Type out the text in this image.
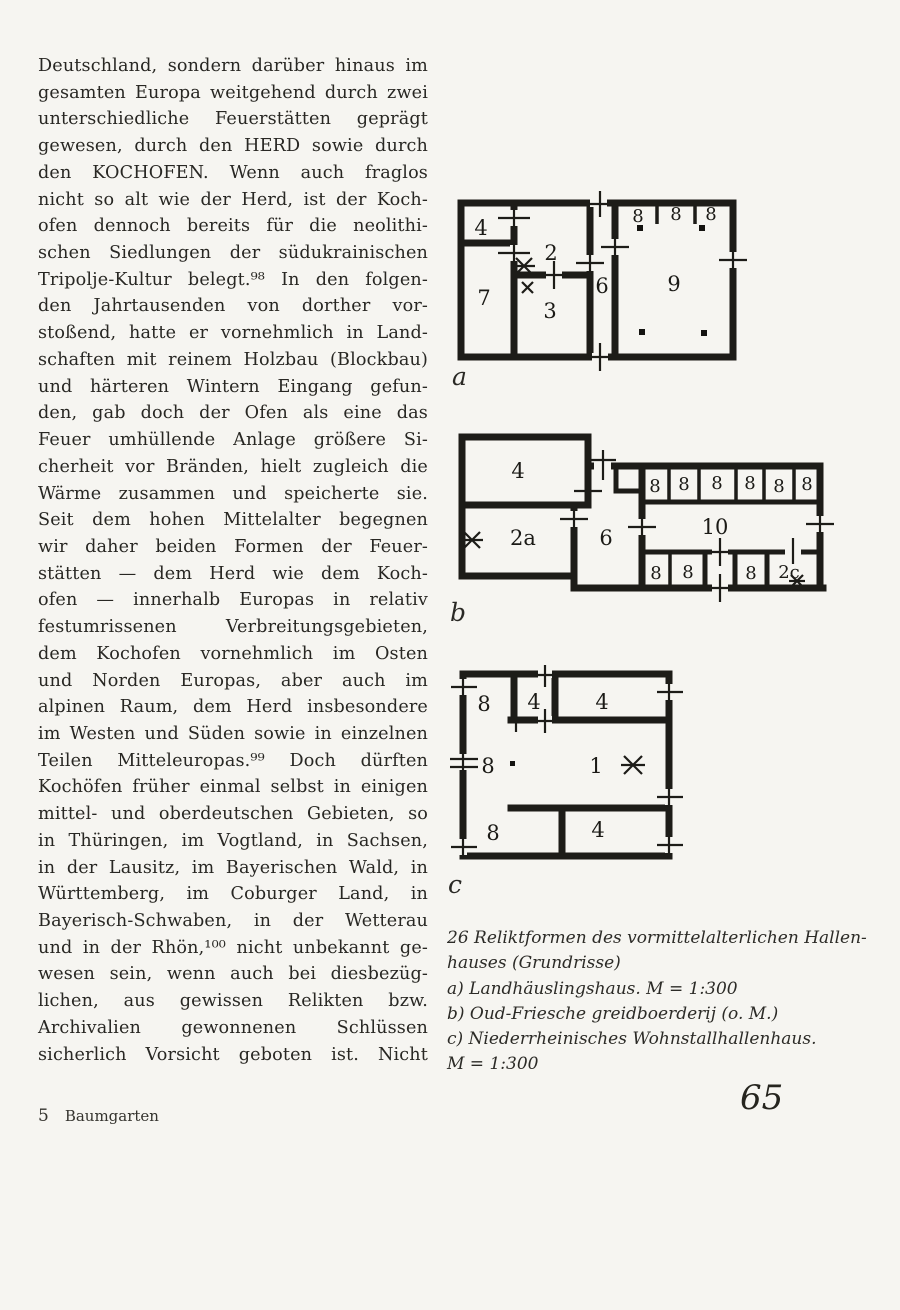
Deutschland, sondern darüber hinaus im
gesamten Europa weitgehend durch zwei
unterschiedliche Feuerstätten geprägt
gewesen, durch den HERD sowie durch
den KOCHOFEN. Wenn auch fraglos
nicht so alt wie der Herd, ist der Koch-
ofen dennoch bereits für die neolithi-
schen Siedlungen der südukrainischen
Tripolje-Kultur belegt.⁹⁸ In den folgen-
den Jahrtausenden von dorther vor-
stoßend, hatte er vornehmlich in Land-
schaften mit reinem Holzbau (Blockbau)
und härteren Wintern Eingang gefun-
den, gab doch der Ofen als eine das
Feuer umhüllende Anlage größere Si-
cherheit vor Bränden, hielt zugleich die
Wärme zusammen und speicherte sie.
Seit dem hohen Mittelalter begegnen
wir daher beiden Formen der Feuer-
stätten — dem Herd wie dem Koch-
ofen — innerhalb Europas in relativ
festumrissenen Verbreitungsgebieten,
dem Kochofen vornehmlich im Osten
und Norden Europas, aber auch im
alpinen Raum, dem Herd insbesondere
im Westen und Süden sowie in einzelnen
Teilen Mitteleuropas.⁹⁹ Doch dürften
Kochöfen früher einmal selbst in einigen
mittel- und oberdeutschen Gebieten, so
in Thüringen, im Vogtland, in Sachsen,
in der Lausitz, im Bayerischen Wald, in
Württemberg, im Coburger Land, in
Bayerisch-Schwaben, in der Wetterau
und in der Rhön,¹⁰⁰ nicht unbekannt ge-
wesen sein, wenn auch bei diesbezüg-
lichen, aus gewissen Relikten bzw.
Archivalien gewonnenen Schlüssen
sicherlich Vorsicht geboten ist. Nicht
4
7
2
3
6	9
8 8 8
a
4
2a	6	10
2c
8 8 8 8 8 8
8 8	8
b
8 4	4
8	1
8	4
c
26 Reliktformen des vormittelalterlichen Hallen-
hauses (Grundrisse)
a) Landhäuslingshaus. M = 1:300
b) Oud-Friesche greidboerderij (o. M.)
c) Niederrheinisches Wohnstallhallenhaus.
M = 1:300
5 Baumgarten	65
